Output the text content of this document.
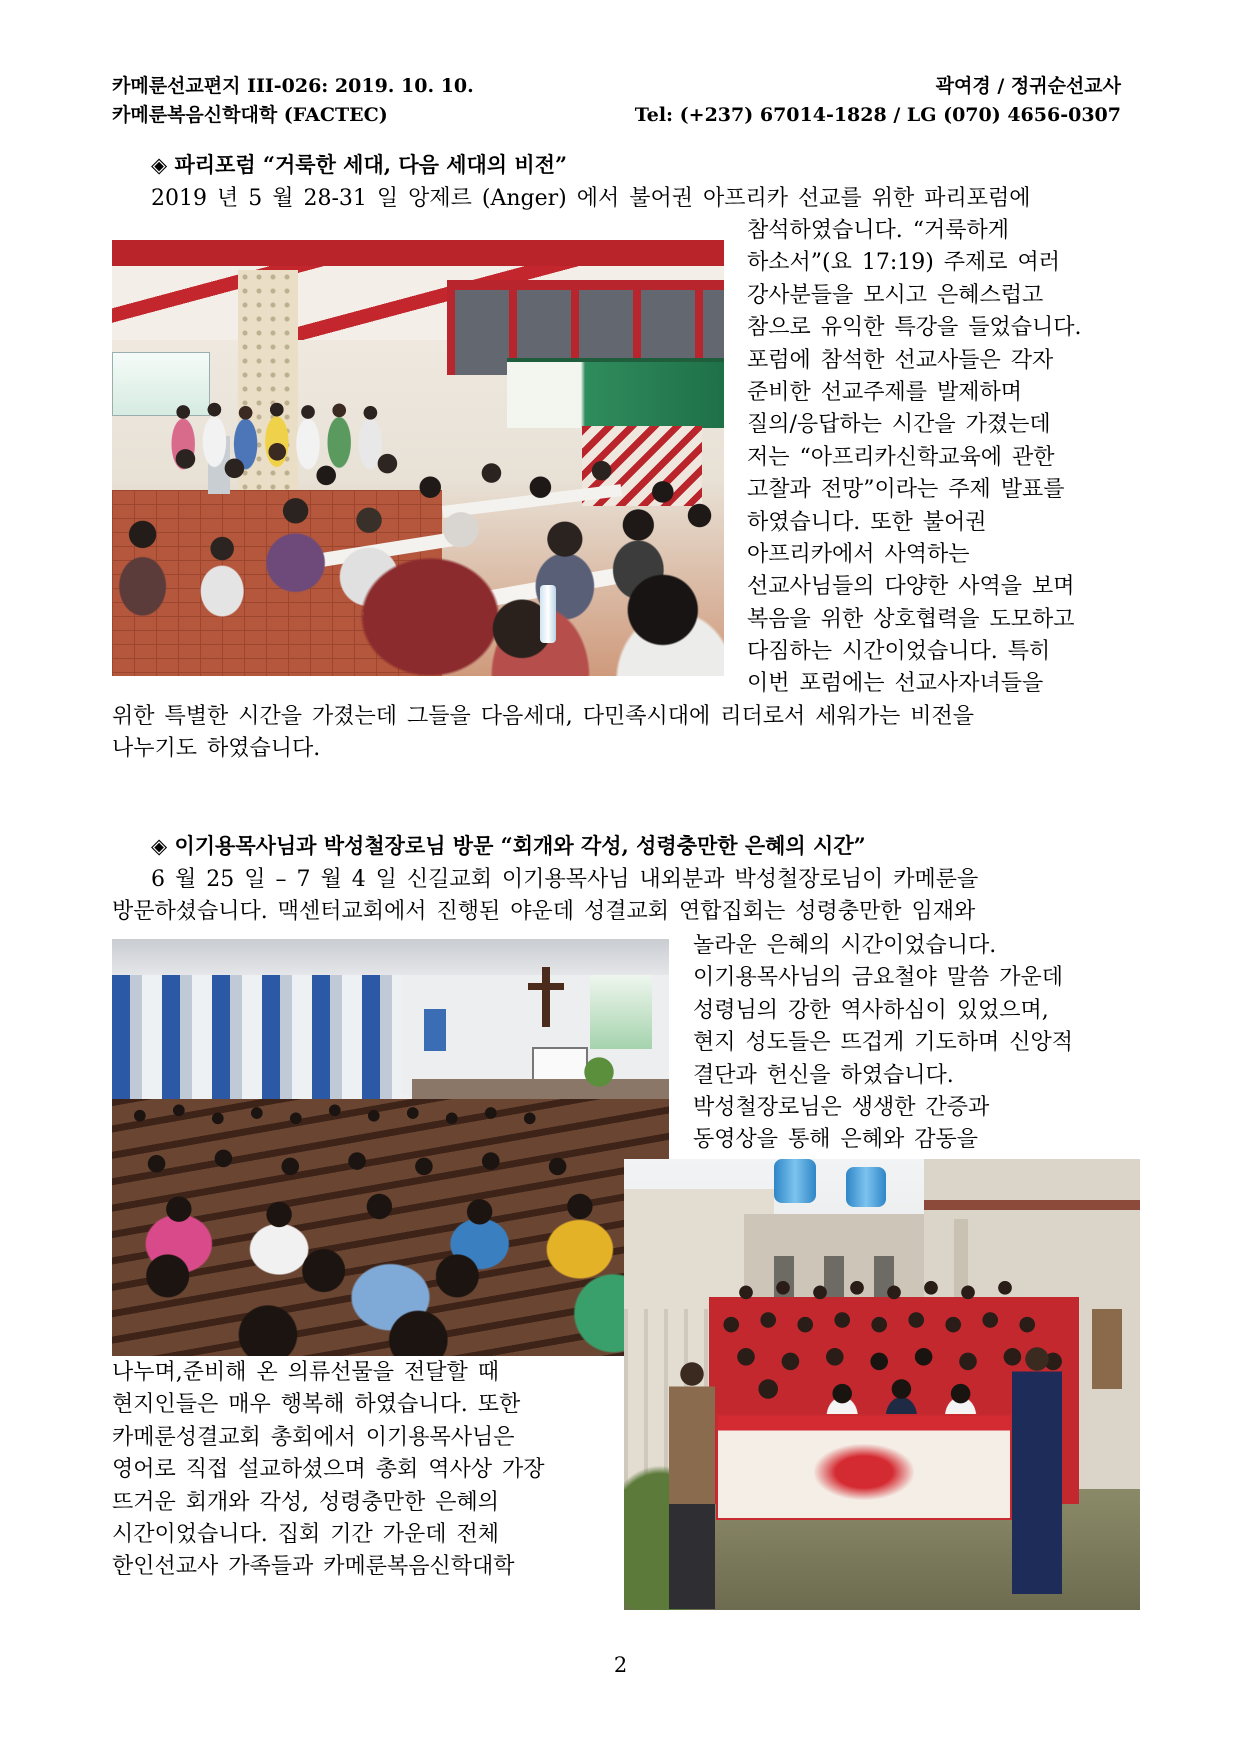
카메룬선교편지 III-026: 2019. 10. 10.
카메룬복음신학대학 (FACTEC)
곽여경 / 정귀순선교사
Tel: (+237) 67014-1828 / LG (070) 4656-0307
◈ 파리포럼 “거룩한 세대, 다음 세대의 비전”
2019 년 5 월 28-31 일 앙제르 (Anger) 에서 불어권 아프리카 선교를 위한 파리포럼에
참석하였습니다. “거룩하게
하소서”(요 17:19) 주제로 여러
강사분들을 모시고 은혜스럽고
참으로 유익한 특강을 들었습니다.
포럼에 참석한 선교사들은 각자
준비한 선교주제를 발제하며
질의/응답하는 시간을 가졌는데
저는 “아프리카신학교육에 관한
고찰과 전망”이라는 주제 발표를
하였습니다. 또한 불어권
아프리카에서 사역하는
선교사님들의 다양한 사역을 보며
복음을 위한 상호협력을 도모하고
다짐하는 시간이었습니다. 특히
이번 포럼에는 선교사자녀들을
위한 특별한 시간을 가졌는데 그들을 다음세대, 다민족시대에 리더로서 세워가는 비전을
나누기도 하였습니다.
◈ 이기용목사님과 박성철장로님 방문 “회개와 각성, 성령충만한 은혜의 시간”
6 월 25 일 – 7 월 4 일 신길교회 이기용목사님 내외분과 박성철장로님이 카메룬을
방문하셨습니다. 맥센터교회에서 진행된 야운데 성결교회 연합집회는 성령충만한 임재와
놀라운 은혜의 시간이었습니다.
이기용목사님의 금요철야 말씀 가운데
성령님의 강한 역사하심이 있었으며,
현지 성도들은 뜨겁게 기도하며 신앙적
결단과 헌신을 하였습니다.
박성철장로님은 생생한 간증과
동영상을 통해 은혜와 감동을
나누며,준비해 온 의류선물을 전달할 때
현지인들은 매우 행복해 하였습니다. 또한
카메룬성결교회 총회에서 이기용목사님은
영어로 직접 설교하셨으며 총회 역사상 가장
뜨거운 회개와 각성, 성령충만한 은혜의
시간이었습니다. 집회 기간 가운데 전체
한인선교사 가족들과 카메룬복음신학대학
2
